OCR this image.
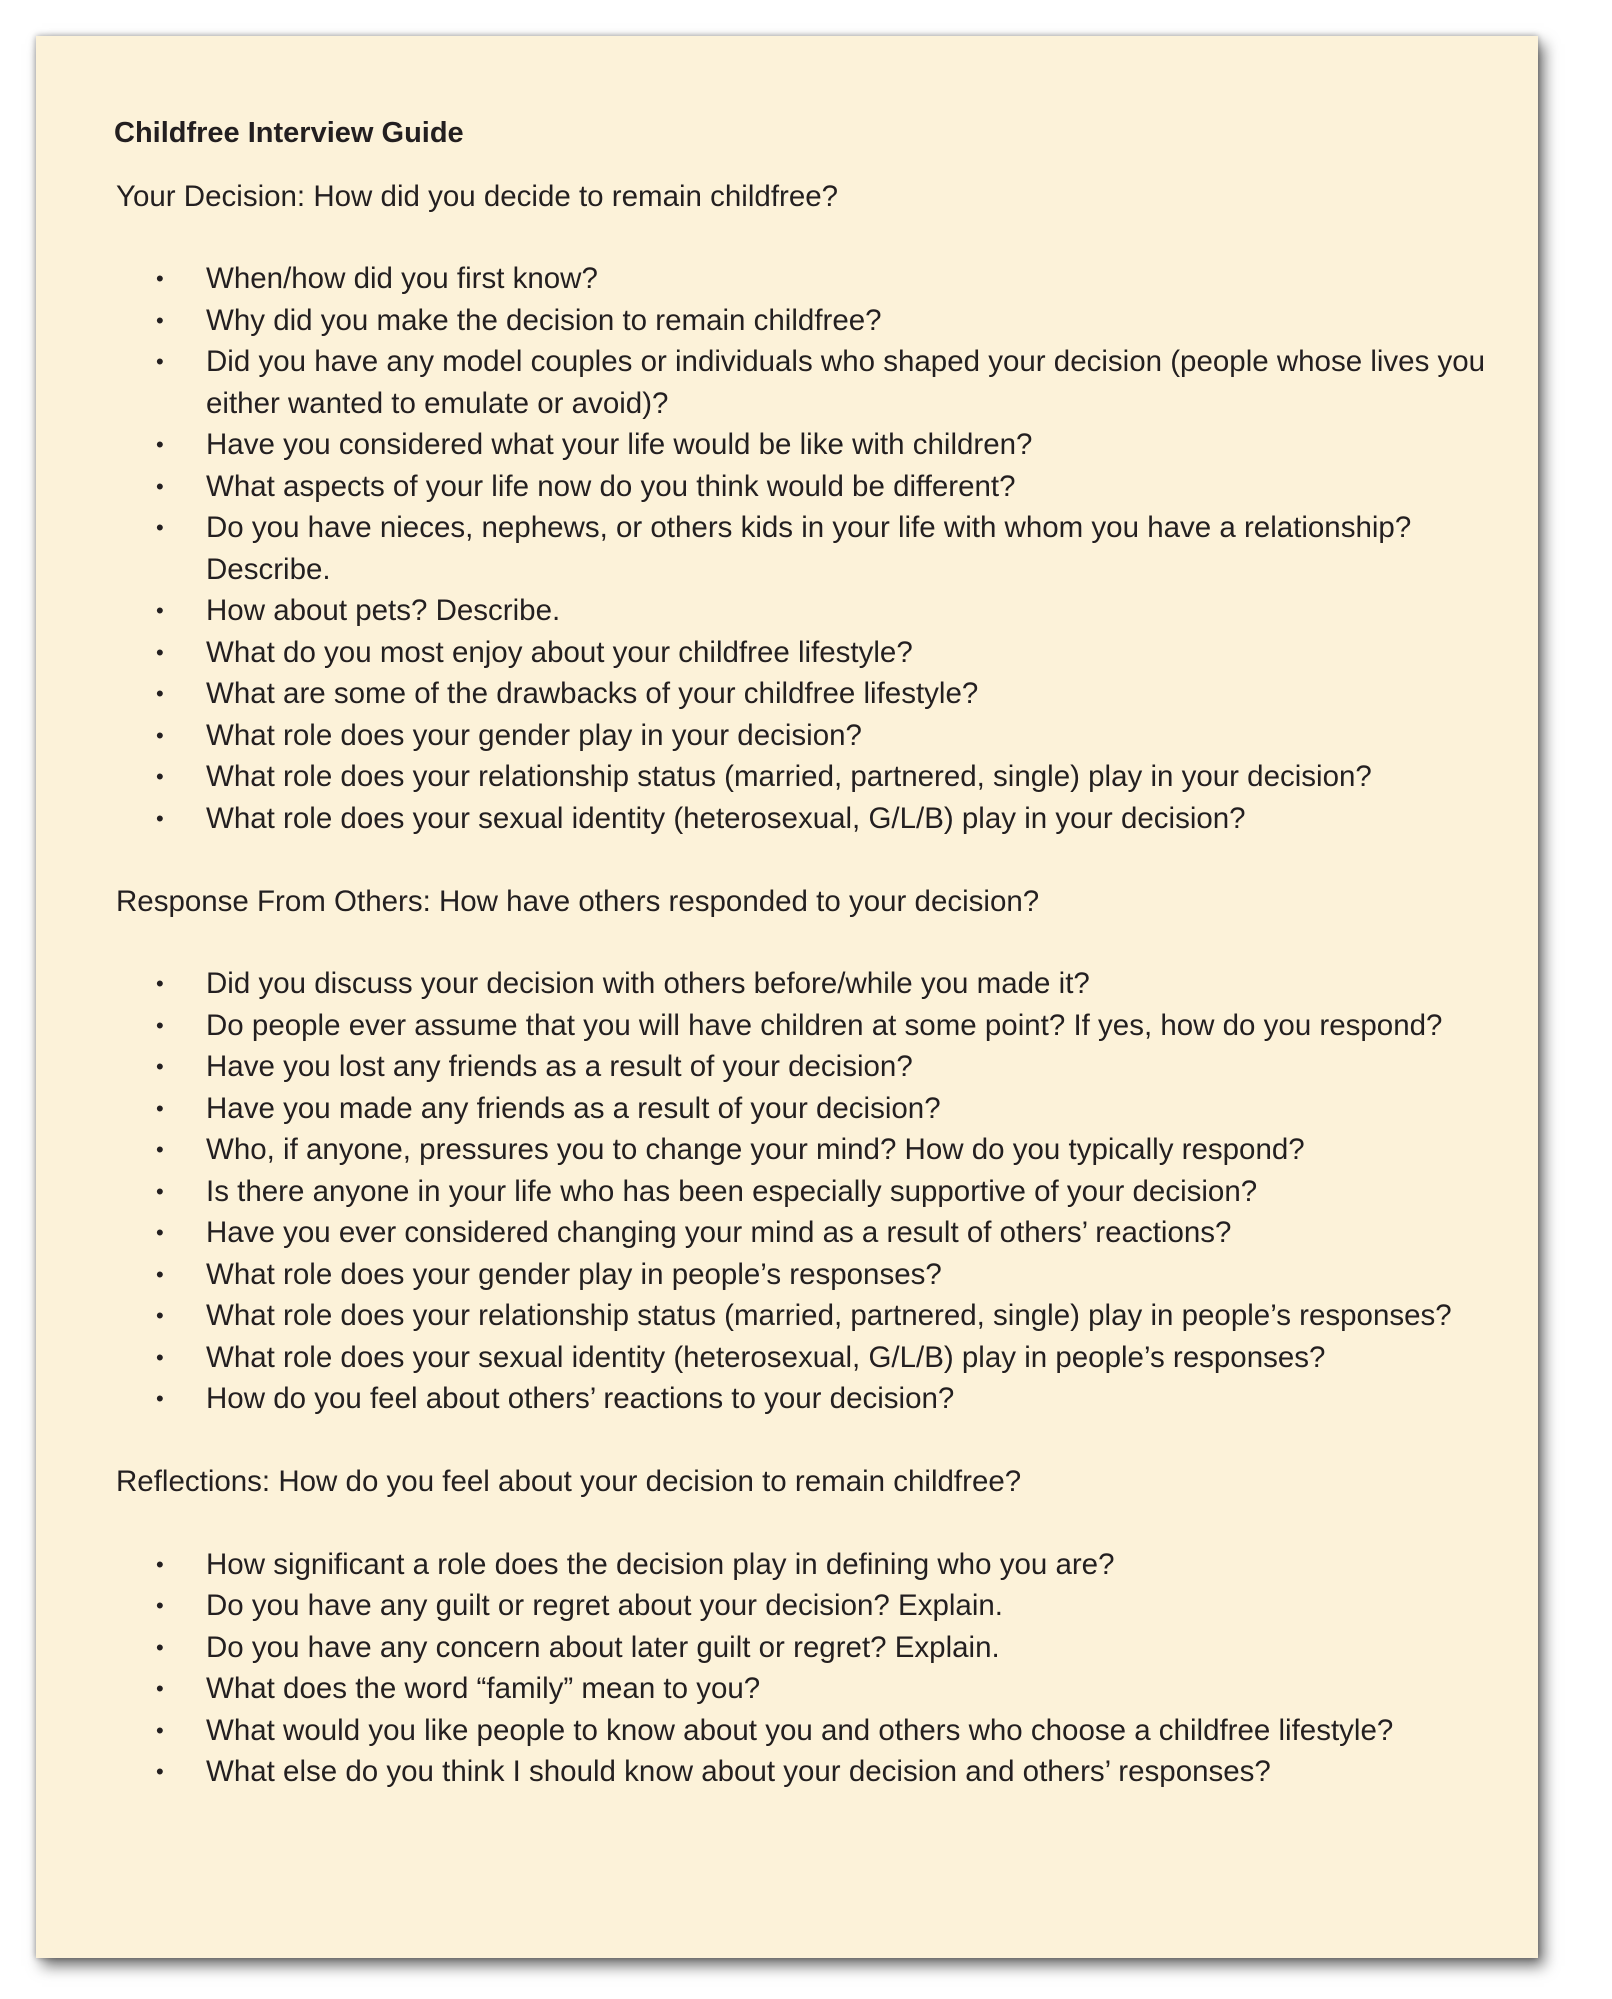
Childfree Interview Guide
Your Decision: How did you decide to remain childfree?
• When/how did you first know?
• Why did you make the decision to remain childfree?
• Did you have any model couples or individuals who shaped your decision (people whose lives you either wanted to emulate or avoid)?
• Have you considered what your life would be like with children?
• What aspects of your life now do you think would be different?
• Do you have nieces, nephews, or others kids in your life with whom you have a relationship? Describe.
• How about pets? Describe.
• What do you most enjoy about your childfree lifestyle?
• What are some of the drawbacks of your childfree lifestyle?
• What role does your gender play in your decision?
• What role does your relationship status (married, partnered, single) play in your decision?
• What role does your sexual identity (heterosexual, G/L/B) play in your decision?
Response From Others: How have others responded to your decision?
• Did you discuss your decision with others before/while you made it?
• Do people ever assume that you will have children at some point? If yes, how do you respond?
• Have you lost any friends as a result of your decision?
• Have you made any friends as a result of your decision?
• Who, if anyone, pressures you to change your mind? How do you typically respond?
• Is there anyone in your life who has been especially supportive of your decision?
• Have you ever considered changing your mind as a result of others’ reactions?
• What role does your gender play in people’s responses?
• What role does your relationship status (married, partnered, single) play in people’s responses?
• What role does your sexual identity (heterosexual, G/L/B) play in people’s responses?
• How do you feel about others’ reactions to your decision?
Reflections: How do you feel about your decision to remain childfree?
• How significant a role does the decision play in defining who you are?
• Do you have any guilt or regret about your decision? Explain.
• Do you have any concern about later guilt or regret? Explain.
• What does the word “family” mean to you?
• What would you like people to know about you and others who choose a childfree lifestyle?
• What else do you think I should know about your decision and others’ responses?
